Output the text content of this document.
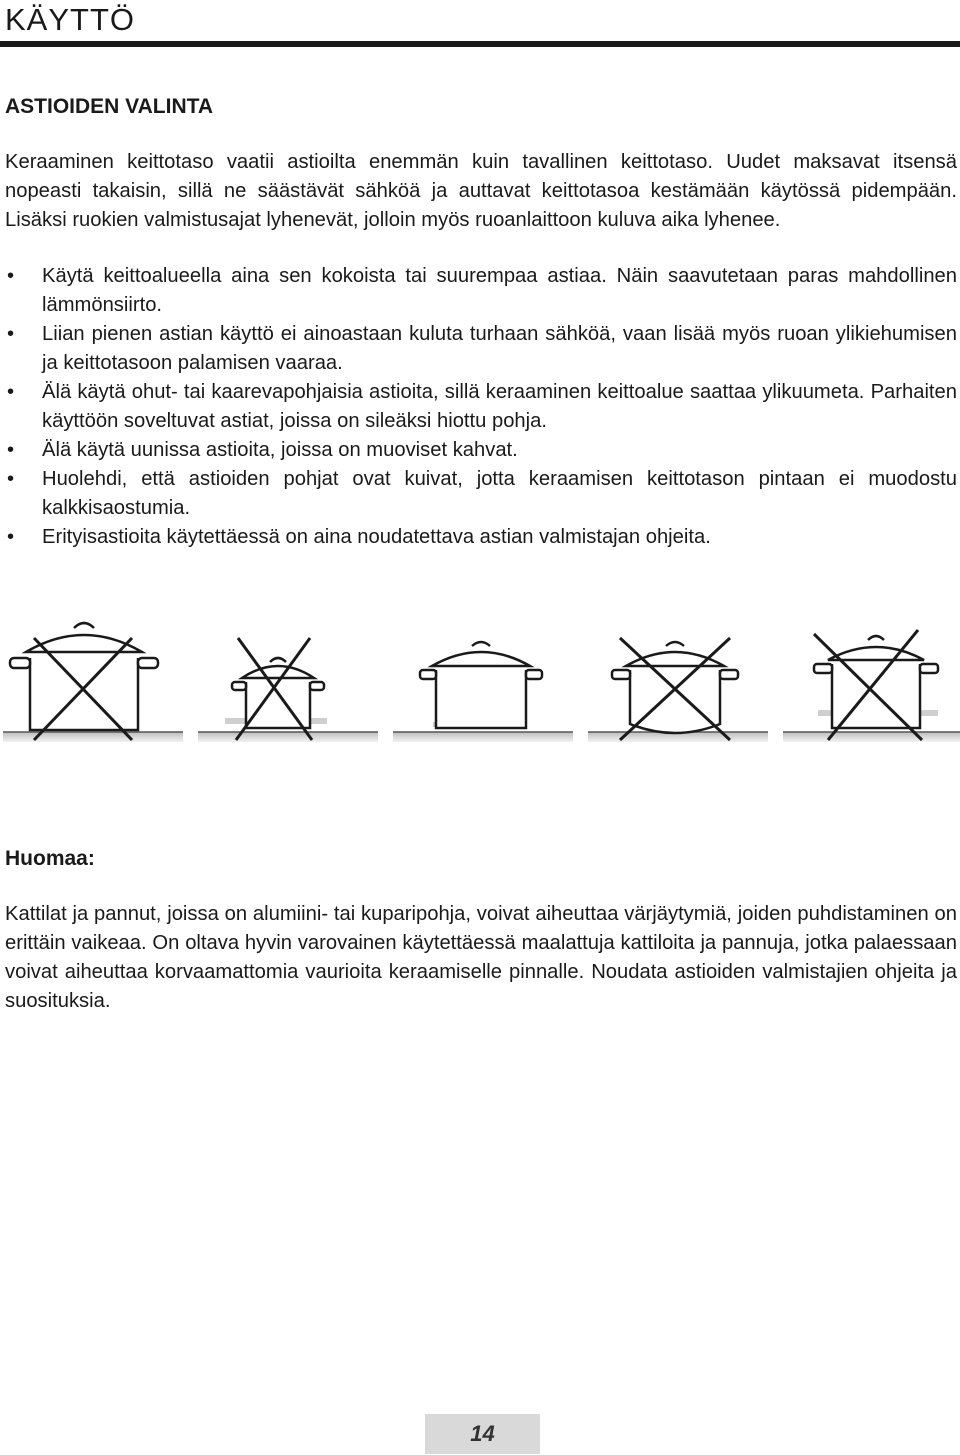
KÄYTTÖ
ASTIOIDEN VALINTA

Keraaminen keittotaso vaatii astioilta enemmän kuin tavallinen keittotaso. Uudet maksavat itsensä nopeasti takaisin, sillä ne säästävät sähköä ja auttavat keittotasoa kestämään käytössä pidempään. Lisäksi ruokien valmistusajat lyhenevät, jolloin myös ruoanlaittoon kuluva aika lyhenee.

• Käytä keittoalueella aina sen kokoista tai suurempaa astiaa. Näin saavutetaan paras mahdollinen lämmönsiirto.
• Liian pienen astian käyttö ei ainoastaan kuluta turhaan sähköä, vaan lisää myös ruoan ylikiehumisen ja keittotasoon palamisen vaaraa.
• Älä käytä ohut- tai kaarevapohjaisia astioita, sillä keraaminen keittoalue saattaa ylikuumeta. Parhaiten käyttöön soveltuvat astiat, joissa on sileäksi hiottu pohja.
• Älä käytä uunissa astioita, joissa on muoviset kahvat.
• Huolehdi, että astioiden pohjat ovat kuivat, jotta keraamisen keittotason pintaan ei muodostu kalkkisaostumia.
• Erityisastioita käytettäessä on aina noudatettava astian valmistajan ohjeita.
Huomaa:

Kattilat ja pannut, joissa on alumiini- tai kuparipohja, voivat aiheuttaa värjäytymiä, joiden puhdistaminen on erittäin vaikeaa. On oltava hyvin varovainen käytettäessä maalattuja kattiloita ja pannuja, jotka palaessaan voivat aiheuttaa korvaamattomia vaurioita keraamiselle pinnalle. Noudata astioiden valmistajien ohjeita ja suosituksia.

14
